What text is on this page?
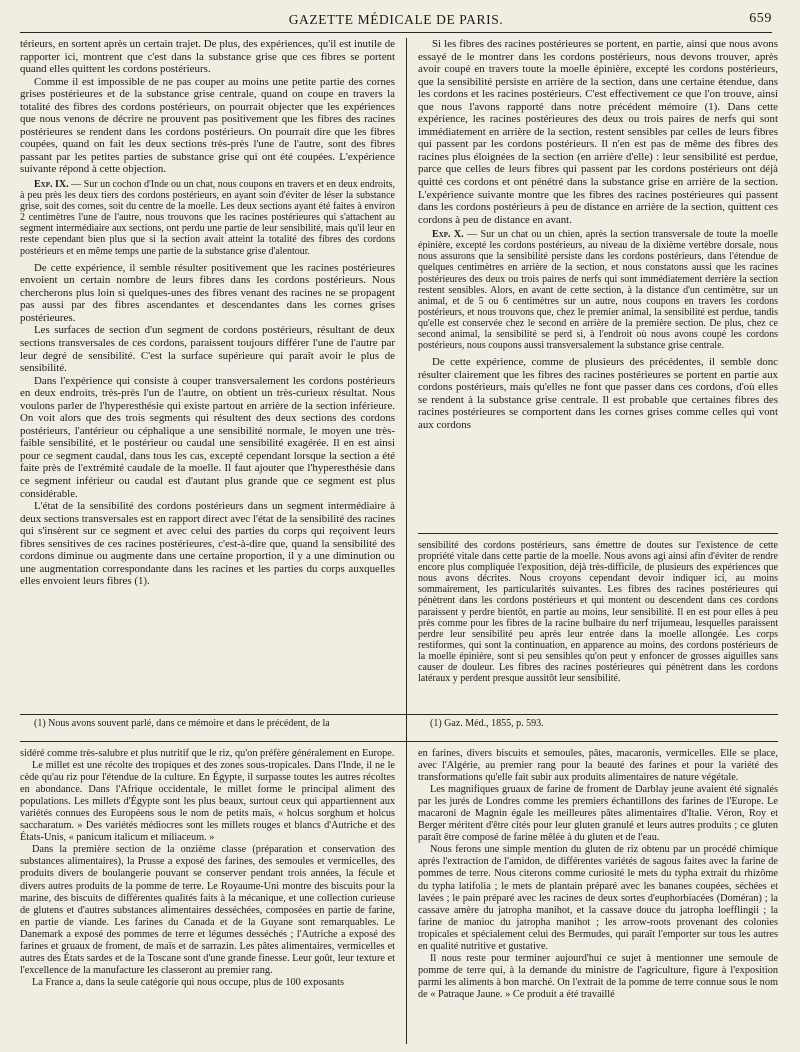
GAZETTE MÉDICALE DE PARIS.	659

térieurs, en sortent après un certain trajet. De plus, des expériences, qu'il est inutile de rapporter ici, montrent que c'est dans la substance grise que ces fibres se portent quand elles quittent les cordons postérieurs.

Comme il est impossible de ne pas couper au moins une petite partie des cornes grises postérieures et de la substance grise centrale, quand on coupe en travers la totalité des fibres des cordons postérieurs, on pourrait objecter que les expériences que nous venons de décrire ne prouvent pas positivement que les fibres des racines postérieures se rendent dans les cordons postérieurs. On pourrait dire que les fibres coupées, quand on fait les deux sections très-près l'une de l'autre, sont des fibres passant par les petites parties de substance grise qui ont été coupées. L'expérience suivante répond à cette objection.

Exp. IX. — Sur un cochon d'Inde ou un chat, nous coupons en travers et en deux endroits, à peu près les deux tiers des cordons postérieurs, en ayant soin d'éviter de léser la substance grise, soit des cornes, soit du centre de la moelle. Les deux sections ayant été faites à environ 2 centimètres l'une de l'autre, nous trouvons que les racines postérieures qui s'attachent au segment intermédiaire aux sections, ont perdu une partie de leur sensibilité, mais qu'il leur en reste cependant bien plus que si la section avait atteint la totalité des fibres des cordons postérieurs et en même temps une partie de la substance grise d'alentour.

De cette expérience, il semble résulter positivement que les racines postérieures envoient un certain nombre de leurs fibres dans les cordons postérieurs. Nous chercherons plus loin si quelques-unes des fibres venant des racines ne se propagent pas aussi par des fibres ascendantes et descendantes dans les cornes grises postérieures.

Les surfaces de section d'un segment de cordons postérieurs, résultant de deux sections transversales de ces cordons, paraissent toujours différer l'une de l'autre par leur degré de sensibilité. C'est la surface supérieure qui paraît avoir le plus de sensibilité.

Dans l'expérience qui consiste à couper transversalement les cordons postérieurs en deux endroits, très-près l'un de l'autre, on obtient un très-curieux résultat. Nous voulons parler de l'hyperesthésie qui existe partout en arrière de la section inférieure. On voit alors que des trois segments qui résultent des deux sections des cordons postérieurs, l'antérieur ou céphalique a une sensibilité normale, le moyen une très-faible sensibilité, et le postérieur ou caudal une sensibilité exagérée. Il en est ainsi pour ce segment caudal, dans tous les cas, excepté cependant lorsque la section a été faite près de l'extrémité caudale de la moelle. Il faut ajouter que l'hyperesthésie dans ce segment inférieur ou caudal est d'autant plus grande que ce segment est plus considérable.

L'état de la sensibilité des cordons postérieurs dans un segment intermédiaire à deux sections transversales est en rapport direct avec l'état de la sensibilité des racines qui s'insèrent sur ce segment et avec celui des parties du corps qui reçoivent leurs fibres sensitives de ces racines postérieures, c'est-à-dire que, quand la sensibilité des cordons diminue ou augmente dans une certaine proportion, il y a une diminution ou une augmentation correspondante dans les racines et les parties du corps auxquelles elles envoient leurs fibres (1).

Si les fibres des racines postérieures se portent, en partie, ainsi que nous avons essayé de le montrer dans les cordons postérieurs, nous devons trouver, après avoir coupé en travers toute la moelle épinière, excepté les cordons postérieurs, que la sensibilité persiste en arrière de la section, dans une certaine étendue, dans les cordons et les racines postérieurs. C'est effectivement ce que l'on trouve, ainsi que nous l'avons rapporté dans notre précédent mémoire (1). Dans cette expérience, les racines postérieures des deux ou trois paires de nerfs qui sont immédiatement en arrière de la section, restent sensibles par celles de leurs fibres qui passent par les cordons postérieurs. Il n'en est pas de même des fibres des racines plus éloignées de la section (en arrière d'elle) : leur sensibilité est perdue, parce que celles de leurs fibres qui passent par les cordons postérieurs ont déjà quitté ces cordons et ont pénétré dans la substance grise en arrière de la section. L'expérience suivante montre que les fibres des racines postérieures qui passent dans les cordons postérieurs à peu de distance en arrière de la section, quittent ces cordons à peu de distance en avant.

Exp. X. — Sur un chat ou un chien, après la section transversale de toute la moelle épinière, excepté les cordons postérieurs, au niveau de la dixième vertèbre dorsale, nous nous assurons que la sensibilité persiste dans les cordons postérieurs, dans l'étendue de quelques centimètres en arrière de la section, et nous constatons aussi que les racines postérieures des deux ou trois paires de nerfs qui sont immédiatement derrière la section restent sensibles. Alors, en avant de cette section, à la distance d'un centimètre, sur un animal, et de 5 ou 6 centimètres sur un autre, nous coupons en travers les cordons postérieurs, et nous trouvons que, chez le premier animal, la sensibilité est perdue, tandis qu'elle est conservée chez le second en arrière de la première section. De plus, chez ce second animal, la sensibilité se perd si, à l'endroit où nous avons coupé les cordons postérieurs, nous coupons aussi transversalement la substance grise centrale.

De cette expérience, comme de plusieurs des précédentes, il semble donc résulter clairement que les fibres des racines postérieures se portent en partie aux cordons postérieurs, mais qu'elles ne font que passer dans ces cordons, d'où elles se rendent à la substance grise centrale. Il est probable que certaines fibres des racines postérieures se comportent dans les cornes grises comme celles qui vont aux cordons

sensibilité des cordons postérieurs, sans émettre de doutes sur l'existence de cette propriété vitale dans cette partie de la moelle. Nous avons agi ainsi afin d'éviter de rendre encore plus compliquée l'exposition, déjà très-difficile, de plusieurs des expériences que nous avons décrites. Nous croyons cependant devoir indiquer ici, au moins sommairement, les particularités suivantes. Les fibres des racines postérieures qui pénètrent dans les cordons postérieurs et qui montent ou descendent dans ces cordons paraissent y perdre bientôt, en partie au moins, leur sensibilité. Il en est pour elles à peu près comme pour les fibres de la racine bulbaire du nerf trijumeau, lesquelles paraissent perdre leur sensibilité peu après leur entrée dans la moelle allongée. Les corps restiformes, qui sont la continuation, en apparence au moins, des cordons postérieurs de la moelle épinière, sont si peu sensibles qu'on peut y enfoncer de grosses aiguilles sans causer de douleur. Les fibres des racines postérieures qui pénètrent dans les cordons latéraux y perdent presque aussitôt leur sensibilité.

(1) Nous avons souvent parlé, dans ce mémoire et dans le précédent, de la	(1) Gaz. Méd., 1855, p. 593.

sidéré comme très-salubre et plus nutritif que le riz, qu'on préfère généralement en Europe.

Le millet est une récolte des tropiques et des zones sous-tropicales. Dans l'Inde, il ne le cède qu'au riz pour l'étendue de la culture. En Égypte, il surpasse toutes les autres récoltes en abondance. Dans l'Afrique occidentale, le millet forme le principal aliment des populations. Les millets d'Égypte sont les plus beaux, surtout ceux qui appartiennent aux variétés connues des Européens sous le nom de petits maïs, « holcus sorghum et holcus saccharatum. » Des variétés médiocres sont les millets rouges et blancs d'Autriche et des États-Unis, « panicum italicum et miliaceum. »

Dans la première section de la onzième classe (préparation et conservation des substances alimentaires), la Prusse a exposé des farines, des semoules et vermicelles, des produits divers de boulangerie pouvant se conserver pendant trois années, la fécule et divers autres produits de la pomme de terre. Le Royaume-Uni montre des biscuits pour la marine, des biscuits de différentes qualités faits à la mécanique, et une collection curieuse de glutens et d'autres substances alimentaires desséchées, composées en partie de farine, en partie de viande. Les farines du Canada et de la Guyane sont remarquables. Le Danemark a exposé des pommes de terre et légumes desséchés ; l'Autriche a exposé des farines et gruaux de froment, de maïs et de sarrazin. Les pâtes alimentaires, vermicelles et autres des États sardes et de la Toscane sont d'une grande finesse. Leur goût, leur texture et l'excellence de la manufacture les classeront au premier rang.

La France a, dans la seule catégorie qui nous occupe, plus de 100 exposants

en farines, divers biscuits et semoules, pâtes, macaronis, vermicelles. Elle se place, avec l'Algérie, au premier rang pour la beauté des farines et pour la variété des transformations qu'elle fait subir aux produits alimentaires de nature végétale.

Les magnifiques gruaux de farine de froment de Darblay jeune avaient été signalés par les jurés de Londres comme les premiers échantillons des farines de l'Europe. Le macaroni de Magnin égale les meilleures pâtes alimentaires d'Italie. Véron, Roy et Berger méritent d'être cités pour leur gluten granulé et leurs autres produits ; ce gluten paraît être composé de farine mêlée à du gluten et de l'eau.

Nous ferons une simple mention du gluten de riz obtenu par un procédé chimique après l'extraction de l'amidon, de différentes variétés de sagous faites avec la farine de pommes de terre. Nous citerons comme curiosité le mets du typha extrait du rhizôme du typha latifolia ; le mets de plantain préparé avec les bananes coupées, séchées et lavées ; le pain préparé avec les racines de deux sortes d'euphorbiacées (Doméran) ; la cassave amère du jatropha manihot, et la cassave douce du jatropha loefflingii ; la farine de manioc du jatropha manihot ; les arrow-roots provenant des colonies tropicales et spécialement celui des Bermudes, qui paraît l'emporter sur tous les autres en qualité nutritive et gustative.

Il nous reste pour terminer aujourd'hui ce sujet à mentionner une semoule de pomme de terre qui, à la demande du ministre de l'agriculture, figure à l'exposition parmi les aliments à bon marché. On l'extrait de la pomme de terre connue sous le nom de « Patraque Jaune. » Ce produit a été travaillé
